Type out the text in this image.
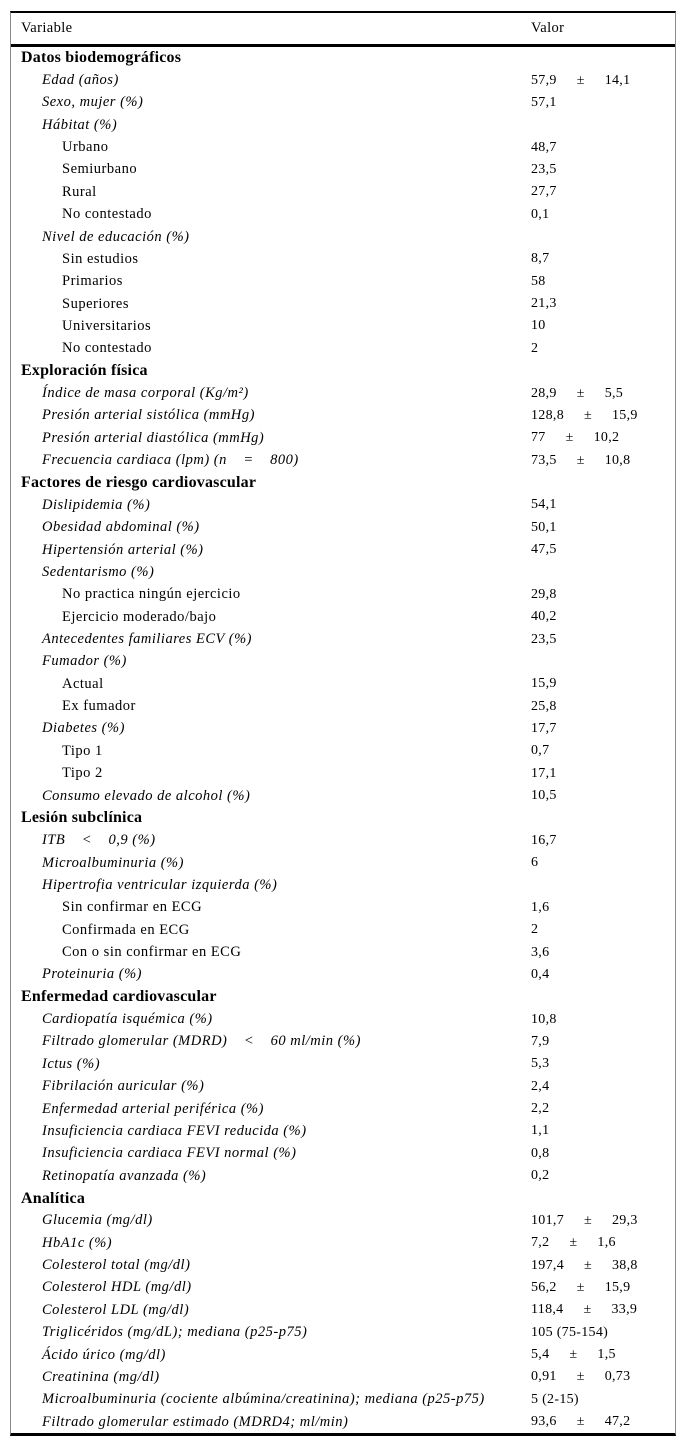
Variable	Valor
Datos biodemográficos
Edad (años)	57,9 ± 14,1
Sexo, mujer (%)	57,1
Hábitat (%)
Urbano	48,7
Semiurbano	23,5
Rural	27,7
No contestado	0,1
Nivel de educación (%)
Sin estudios	8,7
Primarios	58
Superiores	21,3
Universitarios	10
No contestado	2
Exploración física
Índice de masa corporal (Kg/m²)	28,9 ± 5,5
Presión arterial sistólica (mmHg)	128,8 ± 15,9
Presión arterial diastólica (mmHg)	77 ± 10,2
Frecuencia cardiaca (lpm) (n    =    800)	73,5 ± 10,8
Factores de riesgo cardiovascular
Dislipidemia (%)	54,1
Obesidad abdominal (%)	50,1
Hipertensión arterial (%)	47,5
Sedentarismo (%)
No practica ningún ejercicio	29,8
Ejercicio moderado/bajo	40,2
Antecedentes familiares ECV (%)	23,5
Fumador (%)
Actual	15,9
Ex fumador	25,8
Diabetes (%)	17,7
Tipo 1	0,7
Tipo 2	17,1
Consumo elevado de alcohol (%)	10,5
Lesión subclínica
ITB    <    0,9 (%)	16,7
Microalbuminuria (%)	6
Hipertrofia ventricular izquierda (%)
Sin confirmar en ECG	1,6
Confirmada en ECG	2
Con o sin confirmar en ECG	3,6
Proteinuria (%)	0,4
Enfermedad cardiovascular
Cardiopatía isquémica (%)	10,8
Filtrado glomerular (MDRD)    <    60 ml/min (%)	7,9
Ictus (%)	5,3
Fibrilación auricular (%)	2,4
Enfermedad arterial periférica (%)	2,2
Insuficiencia cardiaca FEVI reducida (%)	1,1
Insuficiencia cardiaca FEVI normal (%)	0,8
Retinopatía avanzada (%)	0,2
Analítica
Glucemia (mg/dl)	101,7 ± 29,3
HbA1c (%)	7,2 ± 1,6
Colesterol total (mg/dl)	197,4 ± 38,8
Colesterol HDL (mg/dl)	56,2 ± 15,9
Colesterol LDL (mg/dl)	118,4 ± 33,9
Triglicéridos (mg/dL); mediana (p25-p75)	105 (75-154)
Ácido úrico (mg/dl)	5,4 ± 1,5
Creatinina (mg/dl)	0,91 ± 0,73
Microalbuminuria (cociente albúmina/creatinina); mediana (p25-p75)	5 (2-15)
Filtrado glomerular estimado (MDRD4; ml/min)	93,6 ± 47,2
